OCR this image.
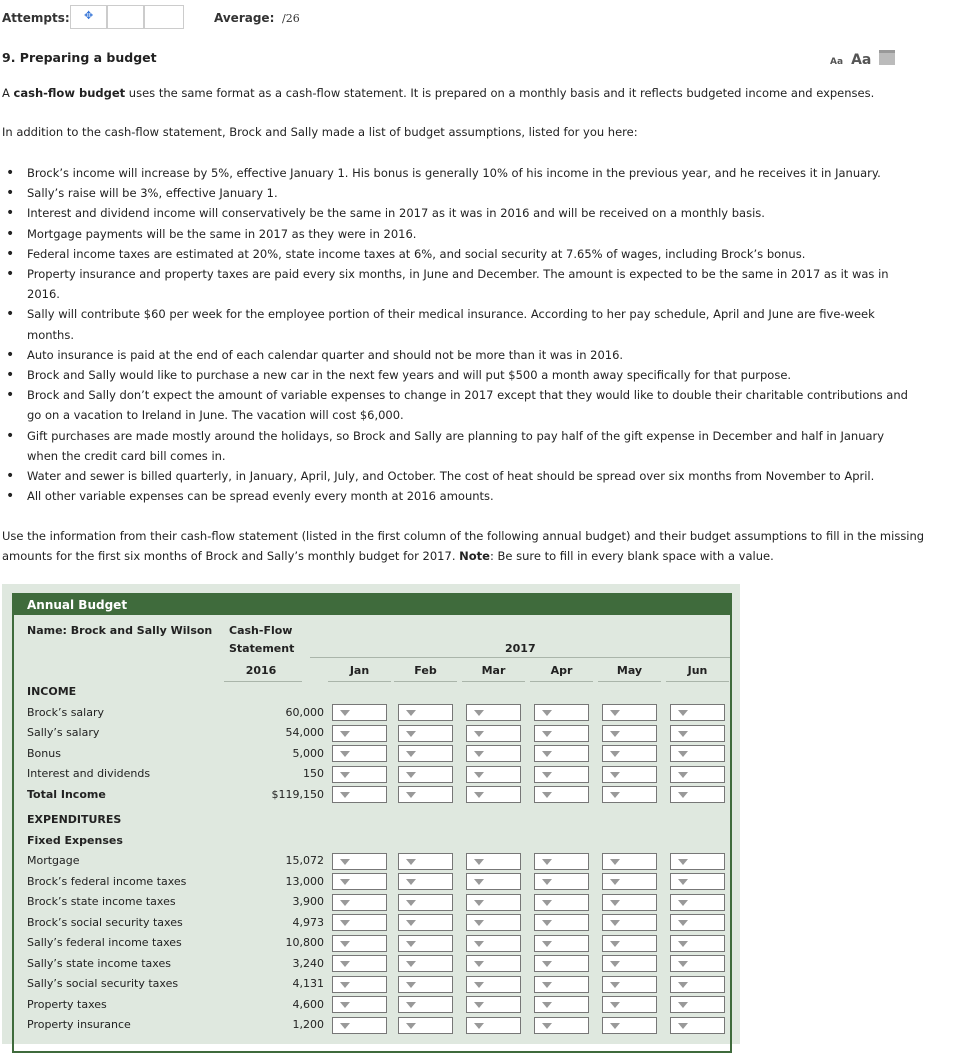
Attempts: ✥	Average: /26
9. Preparing a budget	Aa Aa
A cash-flow budget uses the same format as a cash-flow statement. It is prepared on a monthly basis and it reflects budgeted income and expenses.
In addition to the cash-flow statement, Brock and Sally made a list of budget assumptions, listed for you here:
• Brock’s income will increase by 5%, effective January 1. His bonus is generally 10% of his income in the previous year, and he receives it in January.
• Sally’s raise will be 3%, effective January 1.
• Interest and dividend income will conservatively be the same in 2017 as it was in 2016 and will be received on a monthly basis.
• Mortgage payments will be the same in 2017 as they were in 2016.
• Federal income taxes are estimated at 20%, state income taxes at 6%, and social security at 7.65% of wages, including Brock’s bonus.
• Property insurance and property taxes are paid every six months, in June and December. The amount is expected to be the same in 2017 as it was in 2016.
• Sally will contribute $60 per week for the employee portion of their medical insurance. According to her pay schedule, April and June are five-week months.
• Auto insurance is paid at the end of each calendar quarter and should not be more than it was in 2016.
• Brock and Sally would like to purchase a new car in the next few years and will put $500 a month away specifically for that purpose.
• Brock and Sally don’t expect the amount of variable expenses to change in 2017 except that they would like to double their charitable contributions and go on a vacation to Ireland in June. The vacation will cost $6,000.
• Gift purchases are made mostly around the holidays, so Brock and Sally are planning to pay half of the gift expense in December and half in January when the credit card bill comes in.
• Water and sewer is billed quarterly, in January, April, July, and October. The cost of heat should be spread over six months from November to April.
• All other variable expenses can be spread evenly every month at 2016 amounts.
Use the information from their cash-flow statement (listed in the first column of the following annual budget) and their budget assumptions to fill in the missing amounts for the first six months of Brock and Sally’s monthly budget for 2017. Note: Be sure to fill in every blank space with a value.
Annual Budget
Name: Brock and Sally Wilson Cash-Flow
Statement	2017
2016	Jan	Feb	Mar	Apr	May	Jun
INCOME
Brock’s salary	60,000
Sally’s salary	54,000
Bonus	5,000
Interest and dividends	150
Total Income	$119,150
EXPENDITURES
Fixed Expenses
Mortgage	15,072
Brock’s federal income taxes	13,000
Brock’s state income taxes	3,900
Brock’s social security taxes	4,973
Sally’s federal income taxes	10,800
Sally’s state income taxes	3,240
Sally’s social security taxes	4,131
Property taxes	4,600
Property insurance	1,200
